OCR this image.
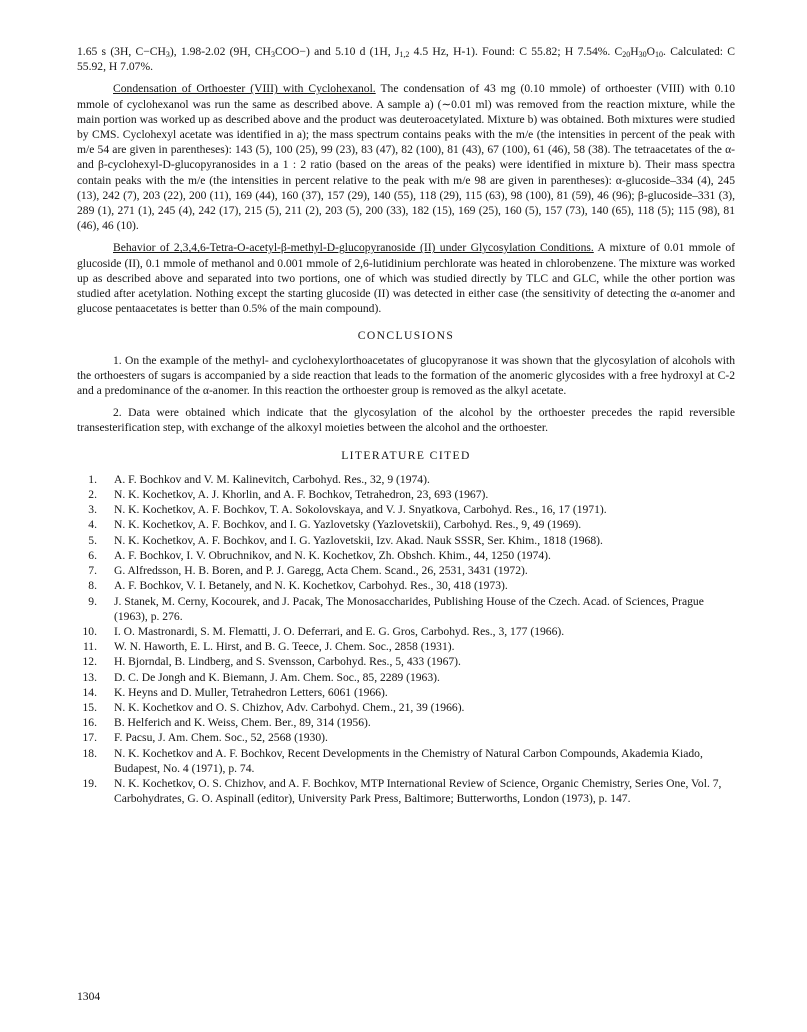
1.65 s (3H, $C-CH_3$), 1.98-2.02 (9H, $CH_3COO-$) and 5.10 d (1H, $J_{1,2}$ 4.5 Hz, H-1). Found: C 55.82; H 7.54%. $C_{20}H_{30}O_{10}$. Calculated: C 55.92, H 7.07%.

Condensation of Orthoester (VIII) with Cyclohexanol. The condensation of 43 mg (0.10 mmole) of orthoester (VIII) with 0.10 mmole of cyclohexanol was run the same as described above. A sample a) (∼0.01 ml) was removed from the reaction mixture, while the main portion was worked up as described above and the product was deuteroacetylated. Mixture b) was obtained. Both mixtures were studied by CMS. Cyclohexyl acetate was identified in a); the mass spectrum contains peaks with the m/e (the intensities in percent of the peak with m/e 54 are given in parentheses): 143 (5), 100 (25), 99 (23), 83 (47), 82 (100), 81 (43), 67 (100), 61 (46), 58 (38). The tetraacetates of the α- and β-cyclohexyl-D-glucopyranosides in a 1 : 2 ratio (based on the areas of the peaks) were identified in mixture b). Their mass spectra contain peaks with the m/e (the intensities in percent relative to the peak with m/e 98 are given in parentheses): α-glucoside–334 (4), 245 (13), 242 (7), 203 (22), 200 (11), 169 (44), 160 (37), 157 (29), 140 (55), 118 (29), 115 (63), 98 (100), 81 (59), 46 (96); β-glucoside–331 (3), 289 (1), 271 (1), 245 (4), 242 (17), 215 (5), 211 (2), 203 (5), 200 (33), 182 (15), 169 (25), 160 (5), 157 (73), 140 (65), 118 (5); 115 (98), 81 (46), 46 (10).

Behavior of 2,3,4,6-Tetra-O-acetyl-β-methyl-D-glucopyranoside (II) under Glycosylation Conditions. A mixture of 0.01 mmole of glucoside (II), 0.1 mmole of methanol and 0.001 mmole of 2,6-lutidinium perchlorate was heated in chlorobenzene. The mixture was worked up as described above and separated into two portions, one of which was studied directly by TLC and GLC, while the other portion was studied after acetylation. Nothing except the starting glucoside (II) was detected in either case (the sensitivity of detecting the α-anomer and glucose pentaacetates is better than 0.5% of the main compound).

CONCLUSIONS

1. On the example of the methyl- and cyclohexylorthoacetates of glucopyranose it was shown that the glycosylation of alcohols with the orthoesters of sugars is accompanied by a side reaction that leads to the formation of the anomeric glycosides with a free hydroxyl at C-2 and a predominance of the α-anomer. In this reaction the orthoester group is removed as the alkyl acetate.

2. Data were obtained which indicate that the glycosylation of the alcohol by the orthoester precedes the rapid reversible transesterification step, with exchange of the alkoxyl moieties between the alcohol and the orthoester.

LITERATURE CITED

1. A. F. Bochkov and V. M. Kalinevitch, Carbohyd. Res., 32, 9 (1974).
2. N. K. Kochetkov, A. J. Khorlin, and A. F. Bochkov, Tetrahedron, 23, 693 (1967).
3. N. K. Kochetkov, A. F. Bochkov, T. A. Sokolovskaya, and V. J. Snyatkova, Carbohyd. Res., 16, 17 (1971).
4. N. K. Kochetkov, A. F. Bochkov, and I. G. Yazlovetsky (Yazlovetskii), Carbohyd. Res., 9, 49 (1969).
5. N. K. Kochetkov, A. F. Bochkov, and I. G. Yazlovetskii, Izv. Akad. Nauk SSSR, Ser. Khim., 1818 (1968).
6. A. F. Bochkov, I. V. Obruchnikov, and N. K. Kochetkov, Zh. Obshch. Khim., 44, 1250 (1974).
7. G. Alfredsson, H. B. Boren, and P. J. Garegg, Acta Chem. Scand., 26, 2531, 3431 (1972).
8. A. F. Bochkov, V. I. Betanely, and N. K. Kochetkov, Carbohyd. Res., 30, 418 (1973).
9. J. Stanek, M. Cerny, Kocourek, and J. Pacak, The Monosaccharides, Publishing House of the Czech. Acad. of Sciences, Prague (1963), p. 276.
10. I. O. Mastronardi, S. M. Flematti, J. O. Deferrari, and E. G. Gros, Carbohyd. Res., 3, 177 (1966).
11. W. N. Haworth, E. L. Hirst, and B. G. Teece, J. Chem. Soc., 2858 (1931).
12. H. Bjorndal, B. Lindberg, and S. Svensson, Carbohyd. Res., 5, 433 (1967).
13. D. C. De Jongh and K. Biemann, J. Am. Chem. Soc., 85, 2289 (1963).
14. K. Heyns and D. Muller, Tetrahedron Letters, 6061 (1966).
15. N. K. Kochetkov and O. S. Chizhov, Adv. Carbohyd. Chem., 21, 39 (1966).
16. B. Helferich and K. Weiss, Chem. Ber., 89, 314 (1956).
17. F. Pacsu, J. Am. Chem. Soc., 52, 2568 (1930).
18. N. K. Kochetkov and A. F. Bochkov, Recent Developments in the Chemistry of Natural Carbon Compounds, Akademia Kiado, Budapest, No. 4 (1971), p. 74.
19. N. K. Kochetkov, O. S. Chizhov, and A. F. Bochkov, MTP International Review of Science, Organic Chemistry, Series One, Vol. 7, Carbohydrates, G. O. Aspinall (editor), University Park Press, Baltimore; Butterworths, London (1973), p. 147.
1304
